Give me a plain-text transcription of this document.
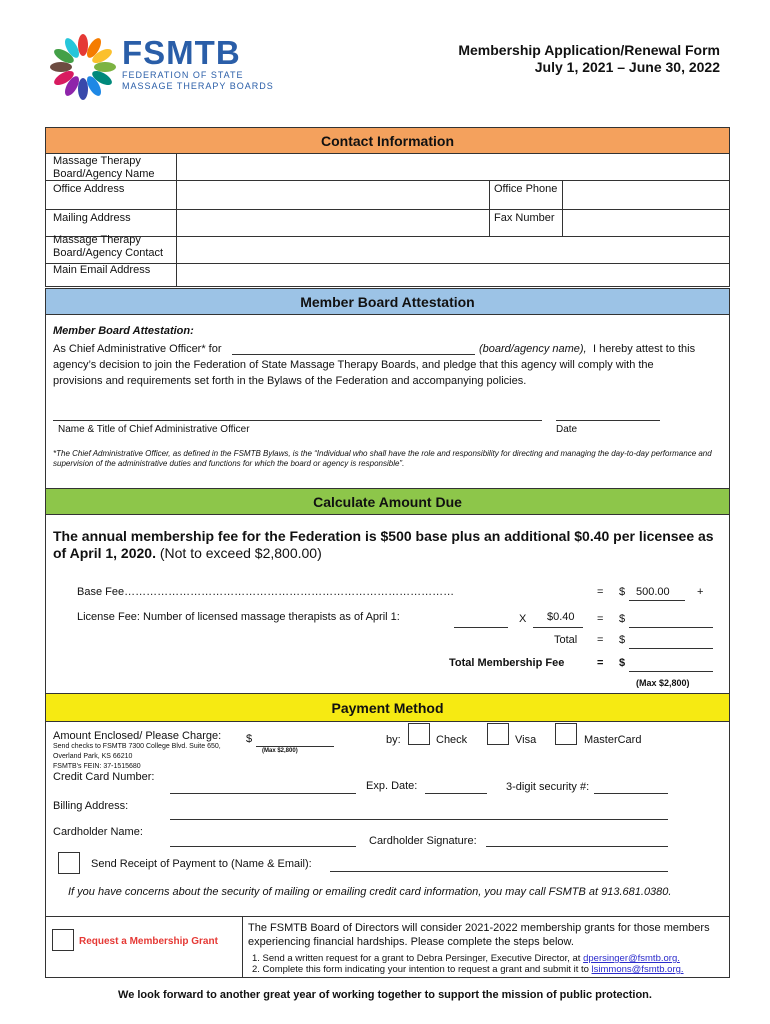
FSMTB
FEDERATION OF STATE
MASSAGE THERAPY BOARDS
Membership Application/Renewal Form
July 1, 2021 – June 30, 2022
Contact Information
Massage Therapy Board/Agency Name
Office Address	Office Phone
Mailing Address	Fax Number
Massage Therapy Board/Agency Contact
Main Email Address
Member Board Attestation
Member Board Attestation:
As Chief Administrative Officer* for	(board/agency name), I hereby attest to this
agency’s decision to join the Federation of State Massage Therapy Boards, and pledge that this agency will comply with the
provisions and requirements set forth in the Bylaws of the Federation and accompanying policies.
Name & Title of Chief Administrative Officer	Date
*The Chief Administrative Officer, as defined in the FSMTB Bylaws, is the “Individual who shall have the role and responsibility for directing and managing the day-to-day performance and supervision of the administrative duties and functions for which the board or agency is responsible”.
Calculate Amount Due
The annual membership fee for the Federation is $500 base plus an additional $0.40 per licensee as of April 1, 2020. (Not to exceed $2,800.00)
Base Fee………………………………………………………………………………	= $ 500.00 +
License Fee: Number of licensed massage therapists as of April 1:	X $0.40 = $
Total = $
Total Membership Fee	= $
(Max $2,800)
Payment Method
Amount Enclosed/ Please Charge: $
(Max $2,800)
Send checks to FSMTB 7300 College Blvd. Suite 650,
Overland Park, KS 66210
FSMTB's FEIN: 37-1515680
by:	Check	Visa	MasterCard
Credit Card Number:
Exp. Date:	3-digit security #:
Billing Address:
Cardholder Name:
Cardholder Signature:
Send Receipt of Payment to (Name & Email):
If you have concerns about the security of mailing or emailing credit card information, you may call FSMTB at 913.681.0380.
Request a Membership Grant
The FSMTB Board of Directors will consider 2021-2022 membership grants for those members
experiencing financial hardships. Please complete the steps below.
1. Send a written request for a grant to Debra Persinger, Executive Director, at dpersinger@fsmtb.org.
2. Complete this form indicating your intention to request a grant and submit it to lsimmons@fsmtb.org.
We look forward to another great year of working together to support the mission of public protection.
